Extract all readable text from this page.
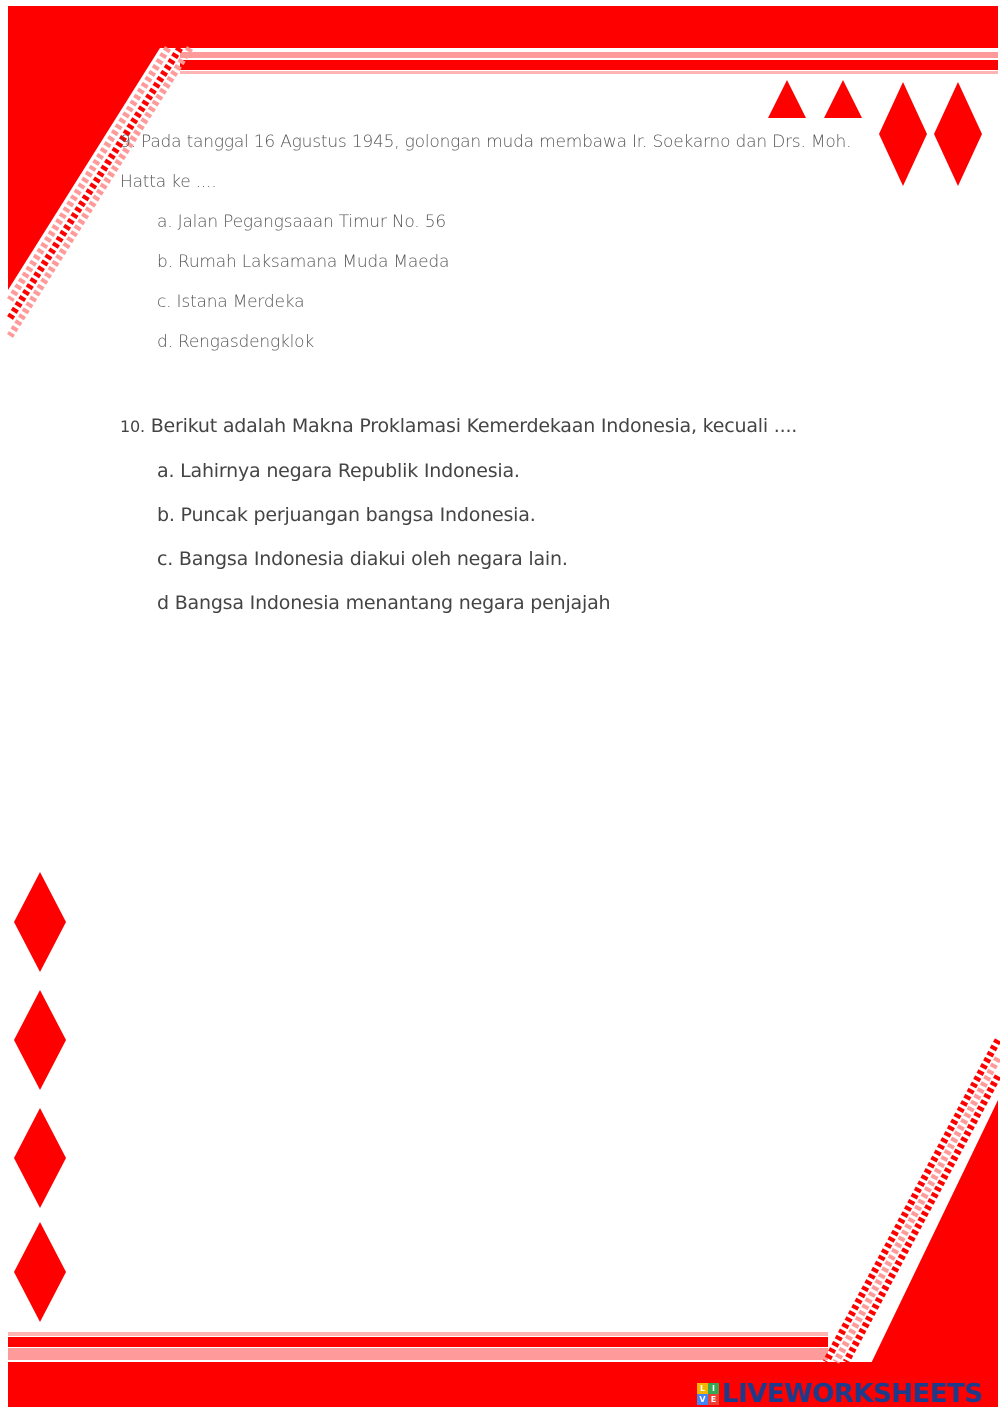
9. Pada tanggal 16 Agustus 1945, golongan muda membawa Ir. Soekarno dan Drs. Moh.
Hatta ke ....
a. Jalan Pegangsaaan Timur No. 56
b. Rumah Laksamana Muda Maeda
c. Istana Merdeka
d. Rengasdengklok
10. Berikut adalah Makna Proklamasi Kemerdekaan Indonesia, kecuali ....
a. Lahirnya negara Republik Indonesia.
b. Puncak perjuangan bangsa Indonesia.
c. Bangsa Indonesia diakui oleh negara lain.
d Bangsa Indonesia menantang negara penjajah
L I
V E LIVEWORKSHEETS
